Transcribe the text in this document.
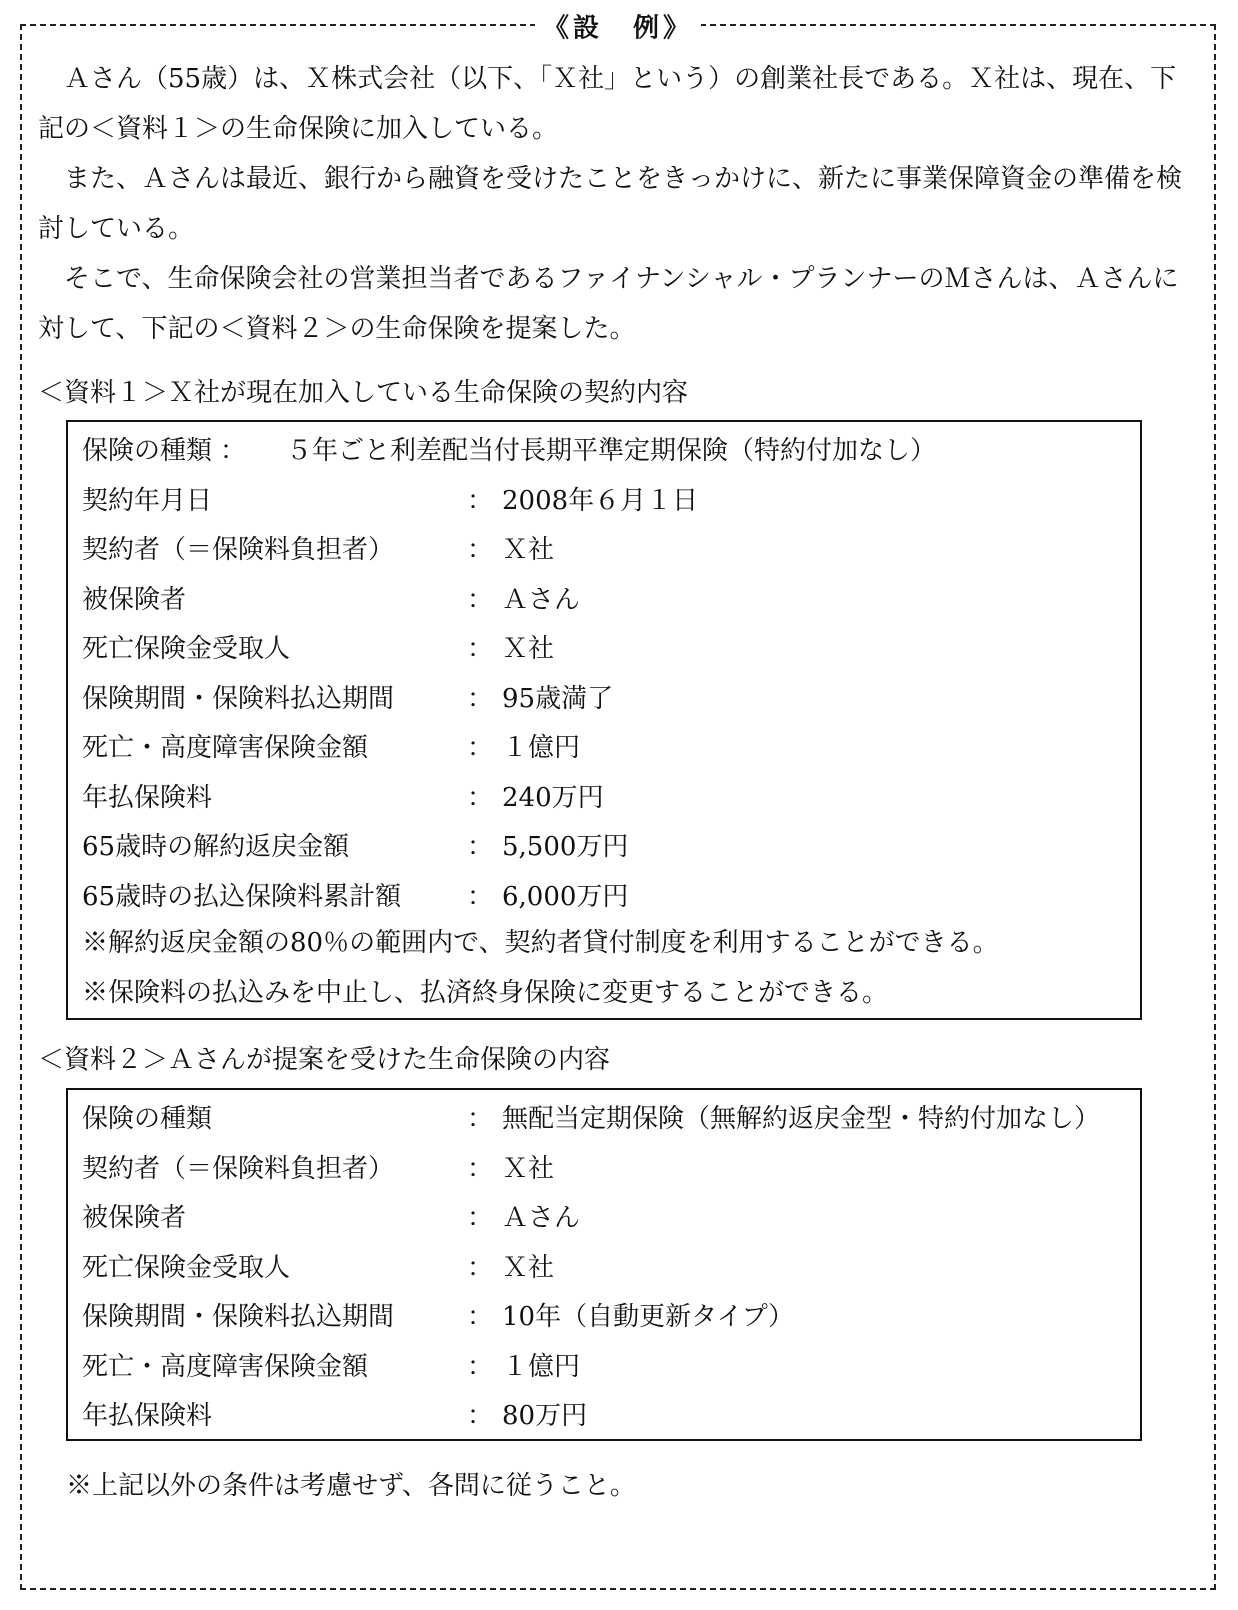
《設　例》

Ａさん（55歳）は、Ｘ株式会社（以下、「Ｘ社」という）の創業社長である。Ｘ社は、現在、下記の＜資料１＞の生命保険に加入している。

また、Ａさんは最近、銀行から融資を受けたことをきっかけに、新たに事業保障資金の準備を検討している。

そこで、生命保険会社の営業担当者であるファイナンシャル・プランナーのＭさんは、Ａさんに対して、下記の＜資料２＞の生命保険を提案した。

＜資料１＞Ｘ社が現在加入している生命保険の契約内容
保険の種類 ： ５年ごと利差配当付長期平準定期保険（特約付加なし）
契約年月日	： 2008年６月１日
契約者（＝保険料負担者）	： Ｘ社
被保険者	： Ａさん
死亡保険金受取人	： Ｘ社
保険期間・保険料払込期間	： 95歳満了
死亡・高度障害保険金額	： １億円
年払保険料	： 240万円
65歳時の解約返戻金額	： 5,500万円
65歳時の払込保険料累計額	： 6,000万円
※解約返戻金額の80％の範囲内で、契約者貸付制度を利用することができる。
※保険料の払込みを中止し、払済終身保険に変更することができる。
＜資料２＞Ａさんが提案を受けた生命保険の内容
保険の種類	： 無配当定期保険（無解約返戻金型・特約付加なし）
契約者（＝保険料負担者）	： Ｘ社
被保険者	： Ａさん
死亡保険金受取人	： Ｘ社
保険期間・保険料払込期間	： 10年（自動更新タイプ）
死亡・高度障害保険金額	： １億円
年払保険料	： 80万円
※上記以外の条件は考慮せず、各問に従うこと。
